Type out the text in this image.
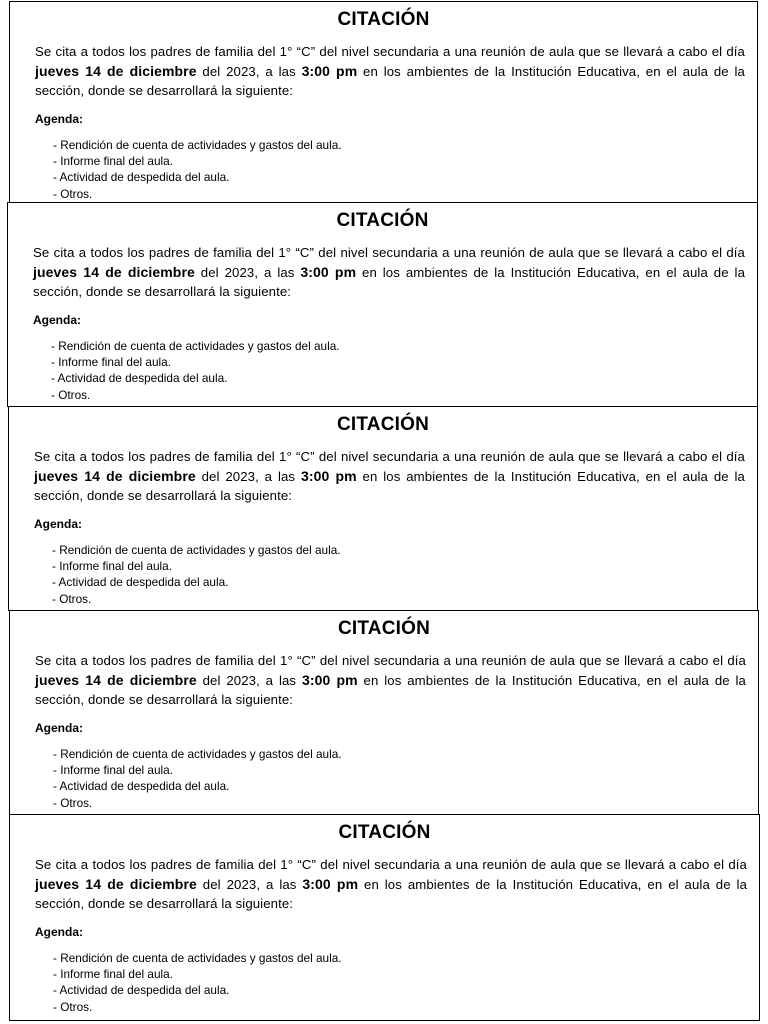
CITACIÓN
Se cita a todos los padres de familia del 1° “C” del nivel secundaria a una reunión de aula que se llevará a cabo el día jueves 14 de diciembre del 2023, a las 3:00 pm en los ambientes de la Institución Educativa, en el aula de la sección, donde se desarrollará la siguiente:
Agenda:
- Rendición de cuenta de actividades y gastos del aula.
- Informe final del aula.
- Actividad de despedida del aula.
- Otros.
CITACIÓN
Se cita a todos los padres de familia del 1° “C” del nivel secundaria a una reunión de aula que se llevará a cabo el día jueves 14 de diciembre del 2023, a las 3:00 pm en los ambientes de la Institución Educativa, en el aula de la sección, donde se desarrollará la siguiente:
Agenda:
- Rendición de cuenta de actividades y gastos del aula.
- Informe final del aula.
- Actividad de despedida del aula.
- Otros.
CITACIÓN
Se cita a todos los padres de familia del 1° “C” del nivel secundaria a una reunión de aula que se llevará a cabo el día jueves 14 de diciembre del 2023, a las 3:00 pm en los ambientes de la Institución Educativa, en el aula de la sección, donde se desarrollará la siguiente:
Agenda:
- Rendición de cuenta de actividades y gastos del aula.
- Informe final del aula.
- Actividad de despedida del aula.
- Otros.
CITACIÓN
Se cita a todos los padres de familia del 1° “C” del nivel secundaria a una reunión de aula que se llevará a cabo el día jueves 14 de diciembre del 2023, a las 3:00 pm en los ambientes de la Institución Educativa, en el aula de la sección, donde se desarrollará la siguiente:
Agenda:
- Rendición de cuenta de actividades y gastos del aula.
- Informe final del aula.
- Actividad de despedida del aula.
- Otros.
CITACIÓN
Se cita a todos los padres de familia del 1° “C” del nivel secundaria a una reunión de aula que se llevará a cabo el día jueves 14 de diciembre del 2023, a las 3:00 pm en los ambientes de la Institución Educativa, en el aula de la sección, donde se desarrollará la siguiente:
Agenda:
- Rendición de cuenta de actividades y gastos del aula.
- Informe final del aula.
- Actividad de despedida del aula.
- Otros.
